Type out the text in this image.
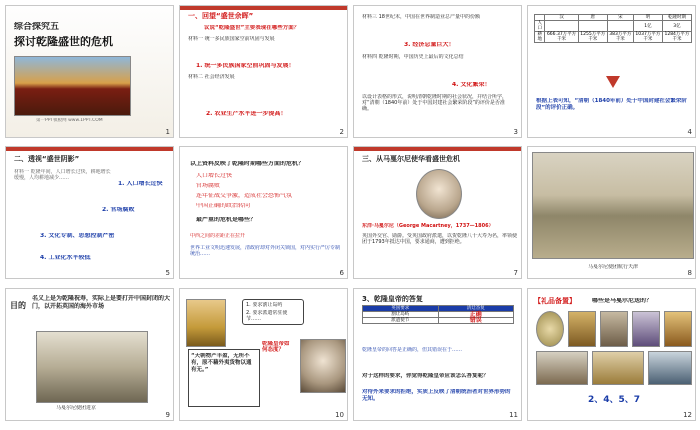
综合探究五
探讨乾隆盛世的危机
第一PPT模板网 www.1PPT.COM
1
一、回望“盛世余晖”
议说“乾隆盛世”主要表现在哪些方面？
材料一 统一多民族国家空前巩固与发展
1. 统一多民族国家空前巩固与发展！
材料二 社会经济发展
2. 农业生产水平进一步提高！
2
材料三 18世纪末，中国在世界制造业总产量中的份额
3. 经济总量巨大！
材料四 乾隆时期，中国历史上最后的文化总结
4. 文化繁荣！
以设计表格的形式，说明清朝乾隆时期的社会状况，并结合所学，对“清朝（1840年前）处于中国封建社会繁荣阶段”的评价是否准确。
3
	汉	唐	宋	明	乾隆时期
人口				1亿	3亿
耕地	666.37万平方千米	1255万平方千米	383万平方千米	1037万平方千米	1284万平方千米
根据上表可知，“清朝（1840年前）处于中国封建社会繁荣阶段”的评价正确。
4
二、透视“盛世阴影”
材料一 乾隆年间，人口增长过快，耕地增长缓慢，人均耕地减少……
1. 人口增长过快
2. 官场腐败
3. 文化专制、思想控制严密
4. 工业化水平较低
5
以上资料反映了乾隆时期哪些方面的危机？
人口增长过快
官场腐败
连年征战交争激，造成社会恐怖气氛
中国正确的政治转向
最严重的危机是哪些？
中西之间的差距正在拉开
世界工业文明迅速发展，清政府却对外闭关锁国，对内实行严厉专制统治……
6
三、从马戛尔尼使华看盛世危机
东洋·马戛尔尼（George Macartney，1737—1806）
英国外交官、勋爵。受英国政府派遣，以贺乾隆八十大寿为名，率领使团于1793年抵达中国，要求通商，遭到拒绝。
7
马戛尔尼使团航行天津
8
目的
名义上是为乾隆祝寿，实际上是要打开中国封闭的大门，以开拓英国的海外市场
马戛尔尼使团进京
9
1. 要求割让岛屿
2. 要求派遣常驻使节……
乾隆皇帝如何态度？
“天朝物产丰盈，无所不有，原不藉外夷货物以通有无。”
10
3、乾隆皇帝的答复
英国要求	清廷答复
割让岛屿	正确
派遣使节	错误
乾隆皇帝的回答是正确的，但其错误在于……
对于这样的要求，你觉得乾隆皇帝应该怎么答复呢？
对待外来要求的拒绝，实质上反映了清朝统治者对世界形势的无知。
11
【礼品备置】	哪些是马戛尔尼送的？
2、4、5、7
12
